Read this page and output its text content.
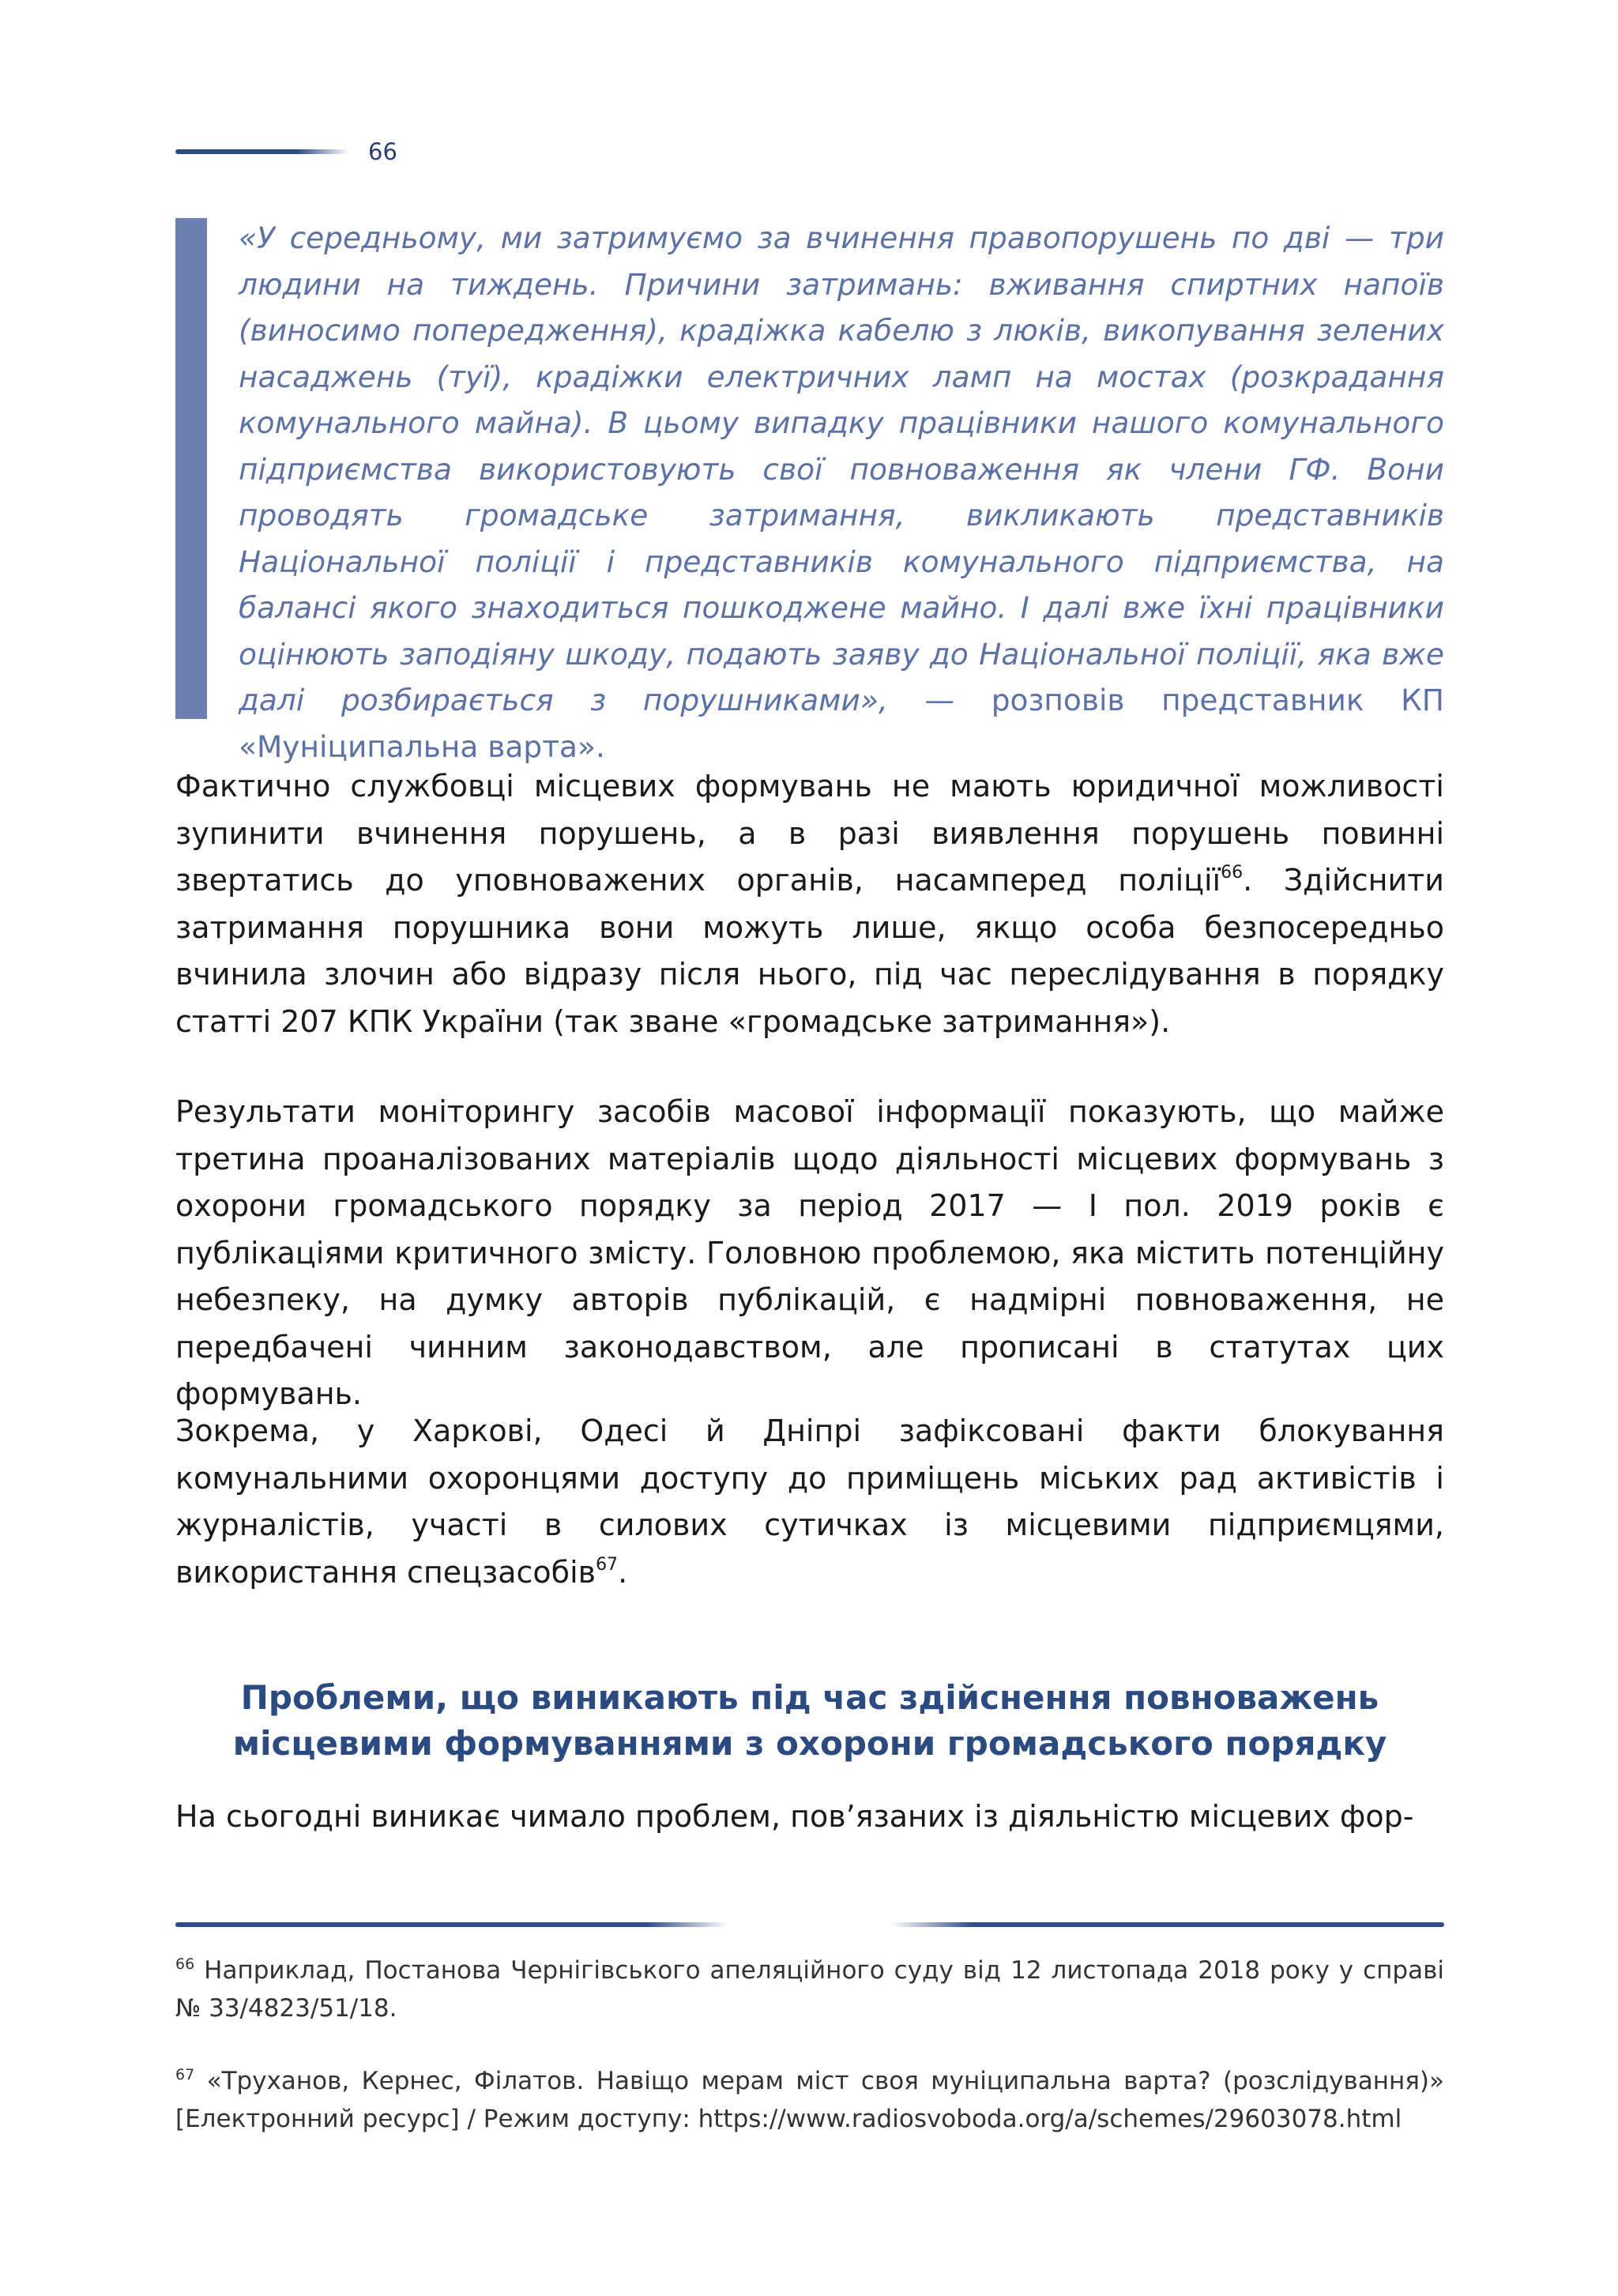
66

«У середньому, ми затримуємо за вчинення правопорушень по дві — три людини на тиждень. Причини затримань: вживання спиртних напоїв (виносимо попередження), крадіжка кабелю з люків, викопування зелених насаджень (туї), крадіжки електричних ламп на мостах (розкрадання комунального майна). В цьому випадку працівники нашого комунального підприємства використовують свої повноваження як члени ГФ. Вони проводять громадське затримання, викликають представників Національної поліції і представників комунального підприємства, на балансі якого знаходиться пошкоджене майно. І далі вже їхні працівники оцінюють заподіяну шкоду, подають заяву до Національної поліції, яка вже далі розбирається з порушниками», — розповів представник КП «Муніципальна варта».

Фактично службовці місцевих формувань не мають юридичної можливості зупинити вчинення порушень, а в разі виявлення порушень повинні звертатись до уповноважених органів, насамперед поліції$^{66}$. Здійснити затримання порушника вони можуть лише, якщо особа безпосередньо вчинила злочин або відразу після нього, під час переслідування в порядку статті 207 КПК України (так зване «громадське затримання»).

Результати моніторингу засобів масової інформації показують, що майже третина проаналізованих матеріалів щодо діяльності місцевих формувань з охорони громадського порядку за період 2017 — І пол. 2019 років є публікаціями критичного змісту. Головною проблемою, яка містить потенційну небезпеку, на думку авторів публікацій, є надмірні повноваження, не передбачені чинним законодавством, але прописані в статутах цих формувань.

Зокрема, у Харкові, Одесі й Дніпрі зафіксовані факти блокування комунальними охоронцями доступу до приміщень міських рад активістів і журналістів, участі в силових сутичках із місцевими підприємцями, використання спецзасобів$^{67}$.

Проблеми, що виникають під час здійснення повноважень
місцевими формуваннями з охорони громадського порядку

На сьогодні виникає чимало проблем, пов’язаних із діяльністю місцевих фор-

$^{66}$ Наприклад, Постанова Чернігівського апеляційного суду від 12 листопада 2018 року у справі № 33/4823/51/18.

$^{67}$ «Труханов, Кернес, Філатов. Навіщо мерам міст своя муніципальна варта? (розслідування)» [Електронний ресурс] / Режим доступу: https://www.radiosvoboda.org/a/schemes/29603078.html
